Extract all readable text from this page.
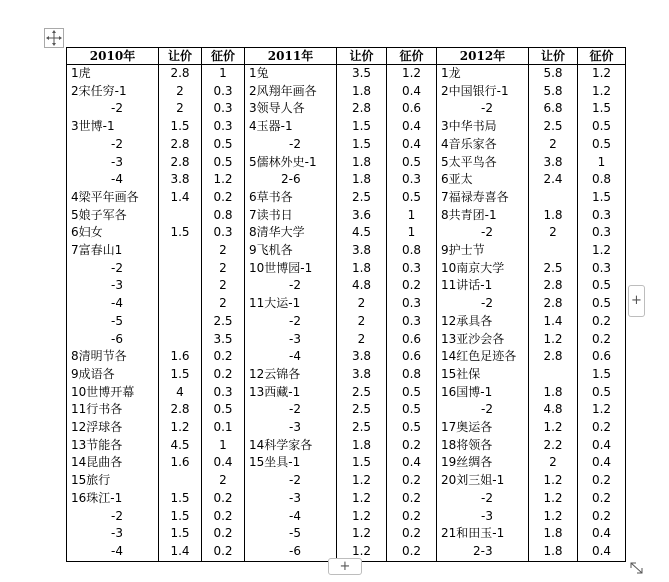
2010年	让价	征价	2011年	让价	征价	2012年	让价	征价
1虎	2.8	1	1兔	3.5	1.2	1龙	5.8	1.2
2宋任穷-1	2	0.3	2风翔年画各	1.8	0.4	2中国银行-1	5.8	1.2
-2	2	0.3	3领导人各	2.8	0.6	-2	6.8	1.5
3世博-1	1.5	0.3	4玉器-1	1.5	0.4	3中华书局	2.5	0.5
-2	2.8	0.5	-2	1.5	0.4	4音乐家各	2	0.5
-3	2.8	0.5	5儒林外史-1	1.8	0.5	5太平鸟各	3.8	1
-4	3.8	1.2	2-6	1.8	0.3	6亚太	2.4	0.8
4梁平年画各	1.4	0.2	6草书各	2.5	0.5	7福禄寿喜各		1.5
5娘子军各		0.8	7读书日	3.6	1	8共青团-1	1.8	0.3
6妇女	1.5	0.3	8清华大学	4.5	1	-2	2	0.3
7富春山1		2	9飞机各	3.8	0.8	9护士节		1.2
-2		2	10世博园-1	1.8	0.3	10南京大学	2.5	0.3
-3		2	-2	4.8	0.2	11讲话-1	2.8	0.5
-4		2	11大运-1	2	0.3	-2	2.8	0.5
-5		2.5	-2	2	0.3	12承具各	1.4	0.2
-6		3.5	-3	2	0.6	13亚沙会各	1.2	0.2
8清明节各	1.6	0.2	-4	3.8	0.6	14红色足迹各	2.8	0.6
9成语各	1.5	0.2	12云锦各	3.8	0.8	15社保		1.5
10世博开幕	4	0.3	13西藏-1	2.5	0.5	16国博-1	1.8	0.5
11行书各	2.8	0.5	-2	2.5	0.5	-2	4.8	1.2
12浮球各	1.2	0.1	-3	2.5	0.5	17奥运各	1.2	0.2
13节能各	4.5	1	14科学家各	1.8	0.2	18将领各	2.2	0.4
14昆曲各	1.6	0.4	15坐具-1	1.5	0.4	19丝绸各	2	0.4
15旅行		2	-2	1.2	0.2	20刘三姐-1	1.2	0.2
16珠江-1	1.5	0.2	-3	1.2	0.2	-2	1.2	0.2
-2	1.5	0.2	-4	1.2	0.2	-3	1.2	0.2
-3	1.5	0.2	-5	1.2	0.2	21和田玉-1	1.8	0.4
-4	1.4	0.2	-6	1.2	0.2	2-3	1.8	0.4
+
+
